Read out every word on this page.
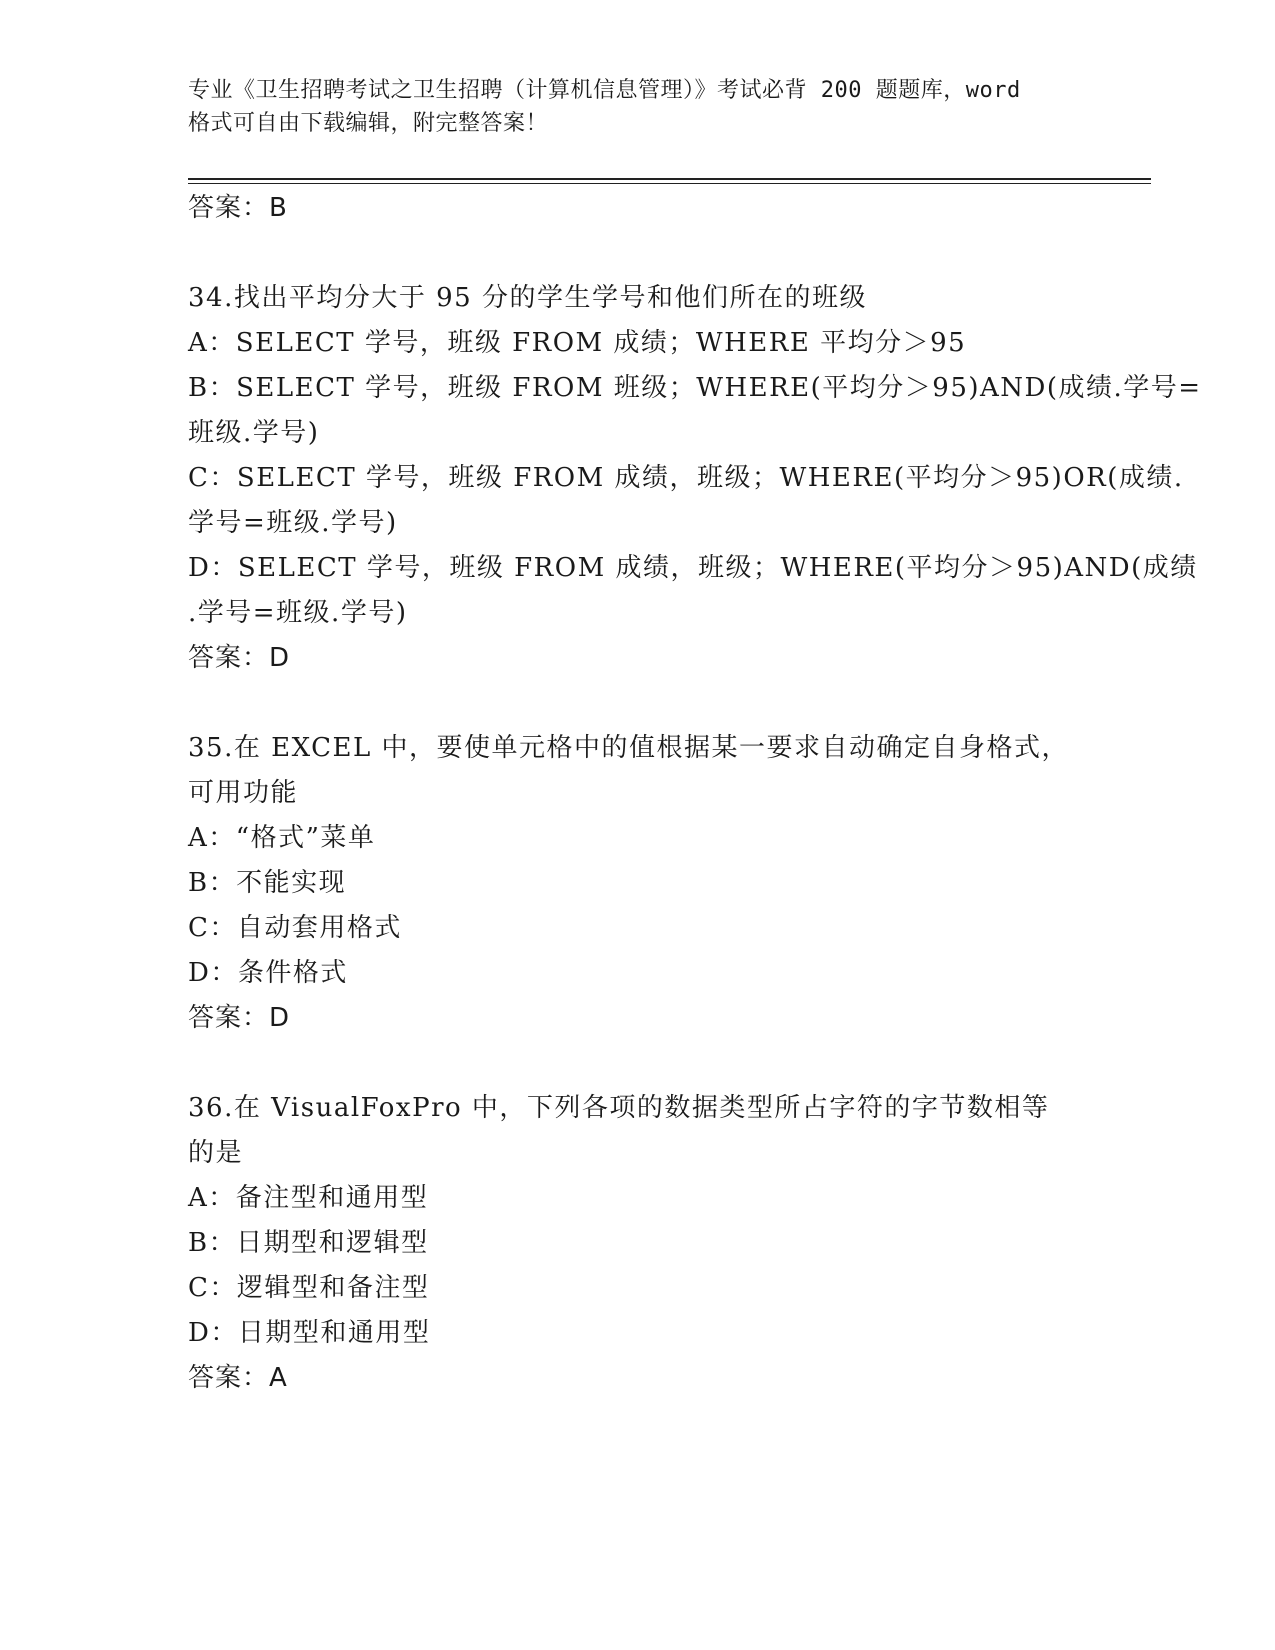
专业《卫生招聘考试之卫生招聘（计算机信息管理）》考试必背 200 题题库，word
格式可自由下载编辑，附完整答案！
答案：B
34.找出平均分大于 95 分的学生学号和他们所在的班级
A：SELECT 学号，班级 FROM 成绩；WHERE 平均分＞95
B：SELECT 学号，班级 FROM 班级；WHERE(平均分＞95)AND(成绩.学号=
班级.学号)
C：SELECT 学号，班级 FROM 成绩，班级；WHERE(平均分＞95)OR(成绩.
学号=班级.学号)
D：SELECT 学号，班级 FROM 成绩，班级；WHERE(平均分＞95)AND(成绩
.学号=班级.学号)
答案：D
35.在 EXCEL 中，要使单元格中的值根据某一要求自动确定自身格式，
可用功能
A：“格式”菜单
B：不能实现
C：自动套用格式
D：条件格式
答案：D
36.在 VisualFoxPro 中，下列各项的数据类型所占字符的字节数相等
的是
A：备注型和通用型
B：日期型和逻辑型
C：逻辑型和备注型
D：日期型和通用型
答案：A
